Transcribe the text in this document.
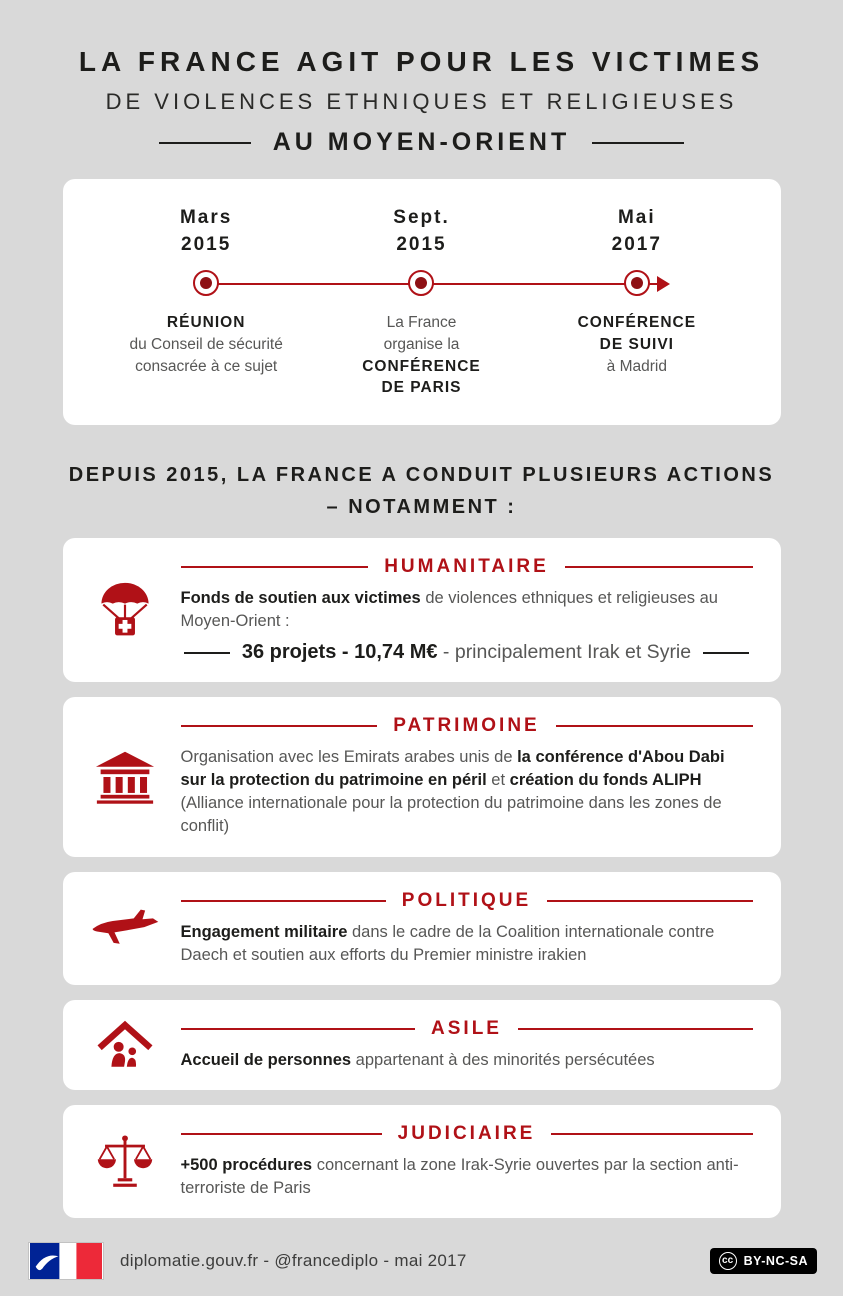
LA FRANCE AGIT POUR LES VICTIMES
DE VIOLENCES ETHNIQUES ET RELIGIEUSES
AU MOYEN-ORIENT
Mars
2015
Sept.
2015
Mai
2017
RÉUNION
du Conseil de sécurité
consacrée à ce sujet
La France
organise la
CONFÉRENCE
DE PARIS
CONFÉRENCE
DE SUIVI
à Madrid
DEPUIS 2015, LA FRANCE A CONDUIT PLUSIEURS ACTIONS
– NOTAMMENT :
HUMANITAIRE

Fonds de soutien aux victimes de violences ethniques et religieuses au Moyen-Orient :

36 projets - 10,74 M€ - principalement Irak et Syrie
PATRIMOINE

Organisation avec les Emirats arabes unis de la conférence d'Abou Dabi sur la protection du patrimoine en péril et création du fonds ALIPH (Alliance internationale pour la protection du patrimoine dans les zones de conflit)

POLITIQUE

Engagement militaire dans le cadre de la Coalition internationale contre Daech et soutien aux efforts du Premier ministre irakien

ASILE

Accueil de personnes appartenant à des minorités persécutées

JUDICIAIRE

+500 procédures concernant la zone Irak-Syrie ouvertes par la section anti-terroriste de Paris

diplomatie.gouv.fr - @francediplo - mai 2017	cc BY-NC-SA
